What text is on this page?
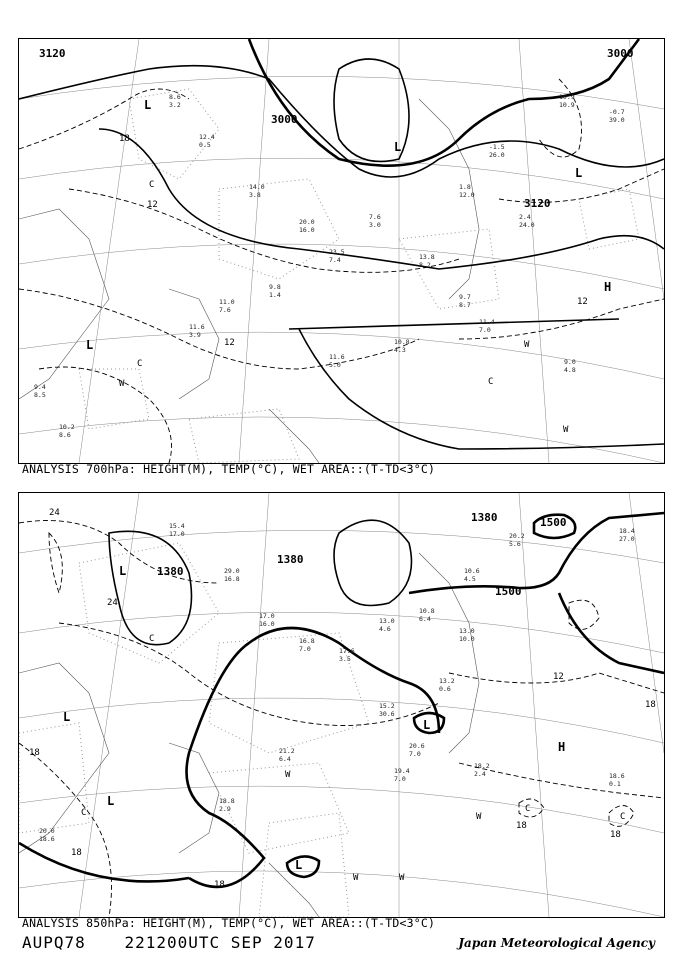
8.6
3.2
12.4
0.5
14.0
3.8
20.0
16.0
23.5
7.4
7.6
3.0
13.8
8.2
1.8
12.0
-1.5
26.0
2.4
24.0
9.8
1.4
11.0
7.6
11.6
3.9
11.6
5.0
10.8
4.3
11.4
7.0
9.0
4.8
9.4
8.5
10.2
8.6
9.7
8.7
10.9
10.9
-0.7
39.0
3120
3000
3000
3120
18
12
12
12
C
L
L
L
L
H
C
C
W
W
W
ANALYSIS 700hPa: HEIGHT(M), TEMP(°C), WET AREA::(T-TD<3°C)
15.4
17.0
29.0
16.8
17.0
16.0
16.8
7.0	17.6
3.5
13.0
4.6
10.8
6.4
13.0
10.0
10.6
4.5
15.2
30.6
13.2
0.6
20.6
7.0
19.4
7.0
18.2
2.4	18.6
0.1
18.8
2.9
21.2
6.4
20.0
18.6
20.2
5.6
18.4
27.0
1380
1380
1380	1500
1500
24
24
18
18
18
12
18
18
18
L
L
L
L
L
H
C
C	C
C
W
W	W
W
ANALYSIS 850hPa: HEIGHT(M), TEMP(°C), WET AREA::(T-TD<3°C)
AUPQ78 221200UTC SEP 2017	Japan Meteorological Agency
